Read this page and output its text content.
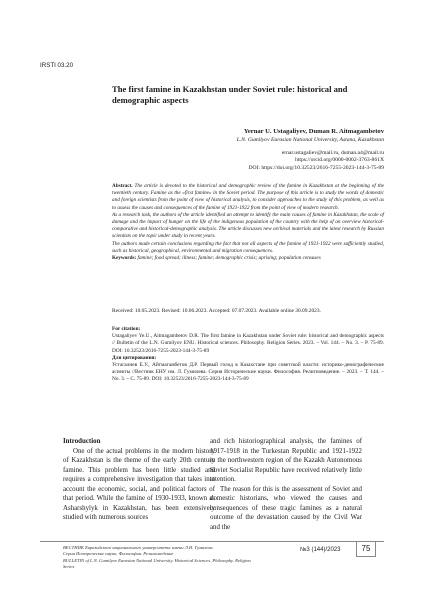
IRSTI 03.20
The first famine in Kazakhstan under Soviet rule: historical and demographic aspects
Yernar U. Ustagaliyev, Duman R. Aitmagambetov
L.N. Gumilyov Eurasian National University, Astana, Kazakhstan
ernar.ustagaliev@mail.ru, duman.a4@mail.ru
https://orcid.org/0000-0002-3763-861X
DOI: https://doi.org/10.32523/2616-7255-2023-144-3-75-89

Abstract. The article is devoted to the historical and demographic review of the famine in Kazakhstan at the beginning of the twentieth century. Famine as the «first famine» in the Soviet period. The purpose of this article is to study the words of domestic and foreign scientists from the point of view of historical analysis, to consider approaches to the study of this problem, as well as to assess the causes and consequences of the famine of 1921-1922 from the point of view of modern research.

As a research task, the authors of the article identified an attempt to identify the main causes of famine in Kazakhstan, the scale of damage and the impact of hunger on the life of the indigenous population of the country with the help of an overview historical-comparative and historical-demographic analysis. The article discusses new archival materials and the latest research by Russian scientists on the topic under study in recent years.

The authors made certain conclusions regarding the fact that not all aspects of the famine of 1921-1922 were sufficiently studied, such as historical, geographical, environmental and migration consequences.

Keywords: famine; food spread; illness; famine; demographic crisis; uprising; population censuses

Received: 10.05.2023. Revised: 10.06.2023. Accepted: 07.07.2023. Available online 30.09.2023.

For citation:

Ustagaliyev Ye.U., Aitmagambetov D.R. The first famine in Kazakhstan under Soviet rule: historical and demographic aspects // Bulletin of the L.N. Gumilyov ENU. Historical sciences. Philosophy. Religion Series. 2023. – Vol. 144. – No. 3. – P. 75-89. DOI: 10.32523/2616-7255-2023-144-3-75-89

Для цитирования:

Устагалиев Е.У., Айтмагамбетов Д.Р. Первый голод в Казахстане при советской власти: историко-демографические аспекты //Вестник ЕНУ им. Л. Гумилева. Серия Исторические науки. Философия. Религиоведение. – 2023. – Т. 144. – No. 3. – С. 75-89. DOI: 10.32523/2616-7255-2023-144-3-75-89

Introduction

One of the actual problems in the modern history of Kazakhstan is the theme of the early 20th century famine. This problem has been little studied and requires a comprehensive investigation that takes into account the economic, social, and political factors of that period. While the famine of 1930-1933, known as Asharshylyk in Kazakhstan, has been extensively studied with numerous sources

and rich historiographical analysis, the famines of 1917-1918 in the Turkestan Republic and 1921-1922 in the northwestern region of the Kazakh Autonomous Soviet Socialist Republic have received relatively little attention.

The reason for this is the assessment of Soviet and domestic historians, who viewed the causes and consequences of these tragic famines as a natural outcome of the devastation caused by the Civil War and the

ВЕСТНИК Евразийского национального университета имени Л.Н. Гумилева.
Серия Исторические науки. Философия. Религиоведение
BULLETIN of L.N. Gumilyov Eurasian National University. Historical Sciences. Philosophy. Religion Series
№3 (144)/2023	75
